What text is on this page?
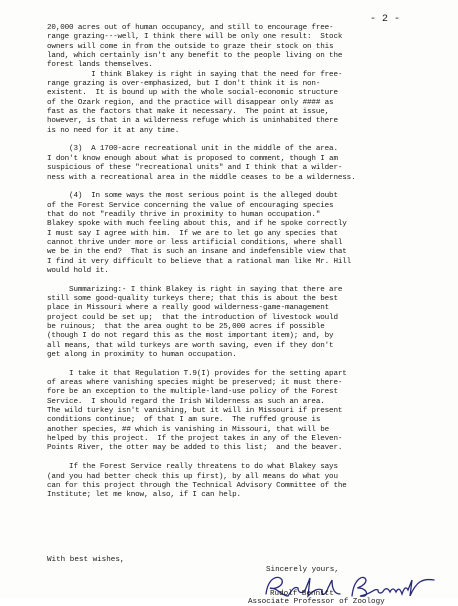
- 2 -
20,000 acres out of human occupancy, and still to encourage free-
range grazing---well, I think there will be only one result:  Stock
owners will come in from the outside to graze their stock on this
land, which certainly isn't any benefit to the people living on the
forest lands themselves.
I think Blakey is right in saying that the need for free-
range grazing is over-emphasized, but I don't think it is non-
existent.  It is bound up with the whole social-economic structure
of the Ozark region, and the practice will disappear only #### as
fast as the factors that make it necessary.  The point at issue,
however, is that in a wilderness refuge which is uninhabited there
is no need for it at any time.
(3)  A 1700-acre recreational unit in the middle of the area.
I don't know enough about what is proposed to comment, though I am
suspicious of these "recreational units" and I think that a wilder-
ness with a recreational area in the middle ceases to be a wilderness.
(4)  In some ways the most serious point is the alleged doubt
of the Forest Service concerning the value of encouraging species
that do not "readily thrive in proximity to human occupation."
Blakey spoke with much feeling about this, and if he spoke correctly
I must say I agree with him.  If we are to let go any species that
cannot thrive under more or less artificial conditions, where shall
we be in the end?  That is such an insane and indefensible view that
I find it very difficult to believe that a rational man like Mr. Hill
would hold it.
Summarizing:- I think Blakey is right in saying that there are
still some good-quality turkeys there; that this is about the best
place in Missouri where a really good wilderness-game-management
project could be set up;  that the introduction of livestock would
be ruinous;  that the area ought to be 25,000 acres if possible
(though I do not regard this as the most important item); and, by
all means, that wild turkeys are worth saving, even if they don't
get along in proximity to human occupation.
I take it that Regulation T.9(I) provides for the setting apart
of areas where vanishing species might be preserved; it must there-
fore be an exception to the multiple-land-use policy of the Forest
Service.  I should regard the Irish Wilderness as such an area.
The wild turkey isn't vanishing, but it will in Missouri if present
conditions continue;  of that I am sure.  The ruffed grouse is
another species, ## which is vanishing in Missouri, that will be
helped by this project.  If the project takes in any of the Eleven-
Points River, the otter may be added to this list;  and the beaver.
If the Forest Service really threatens to do what Blakey says
(and you had better check this up first), by all means do what you
can for this project through the Technical Advisory Committee of the
Institute; let me know, also, if I can help.
With best wishes,
Sincerely yours,
Rudolf Bennitt
Associate Professor of Zoology
